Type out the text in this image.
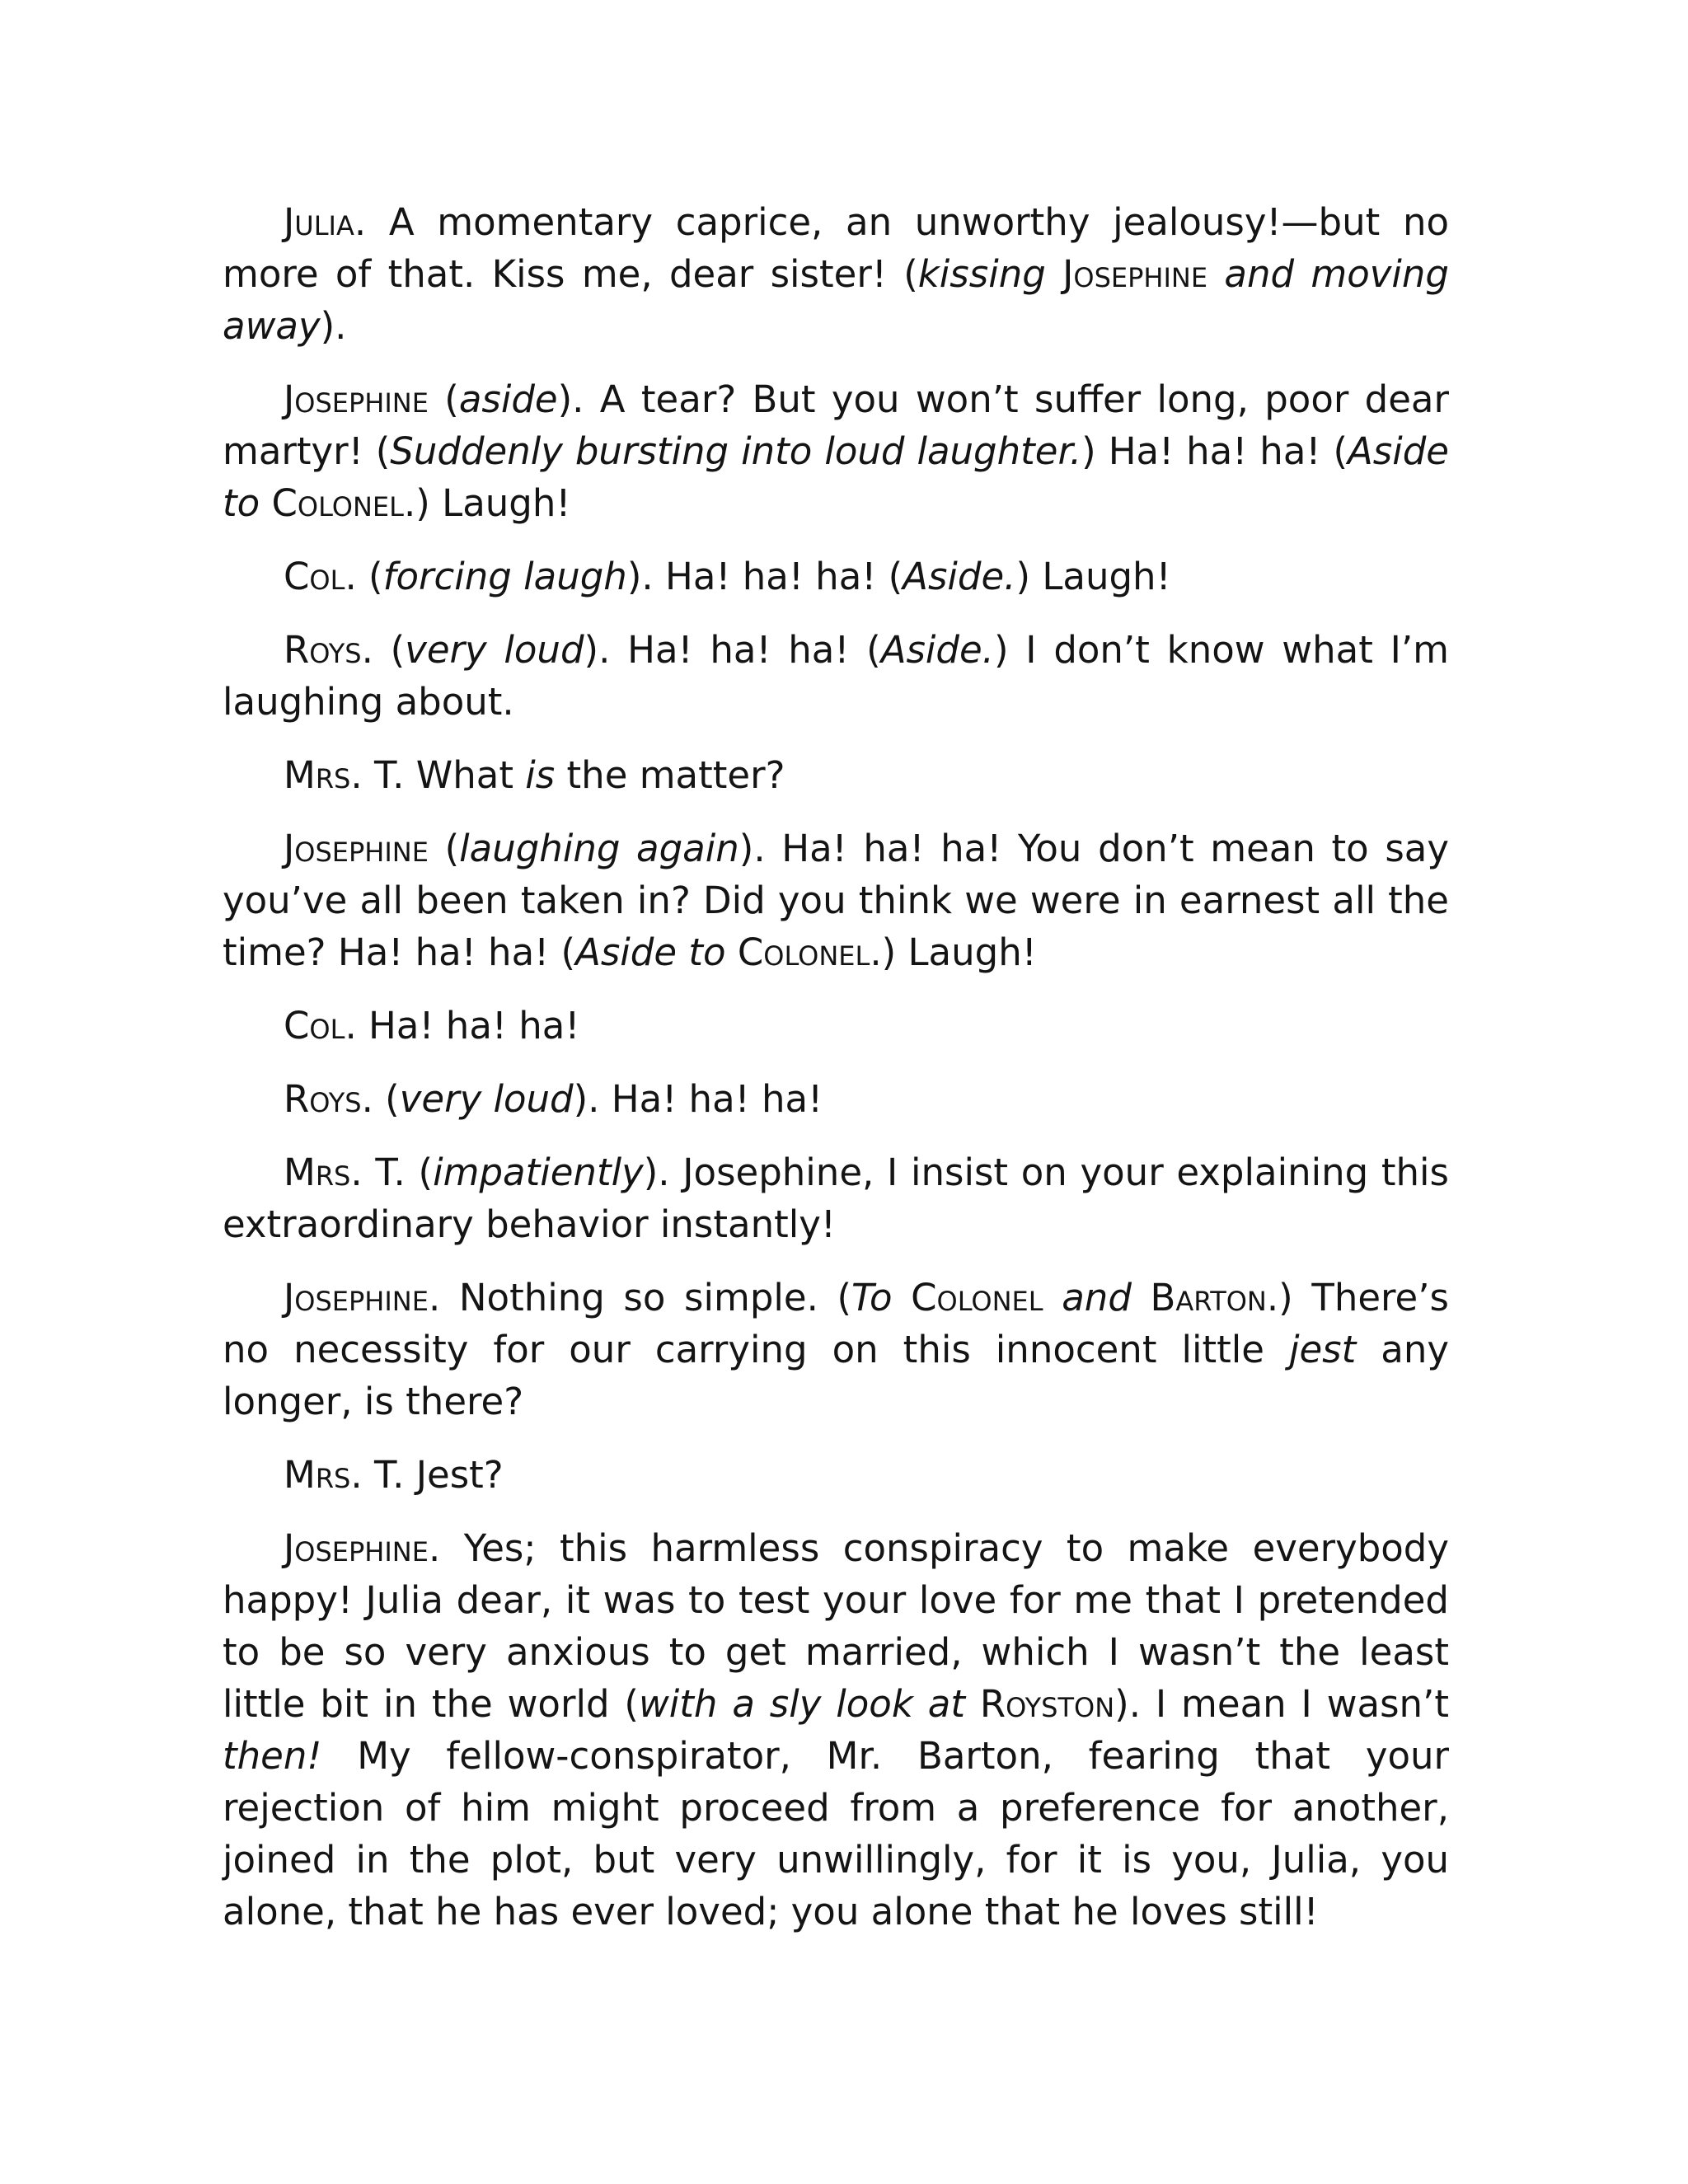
Julia. A momentary caprice, an unworthy jealousy!—but no more of that. Kiss me, dear sister! (kissing Josephine and moving away).

Josephine (aside). A tear? But you won’t suffer long, poor dear martyr! (Suddenly bursting into loud laughter.) Ha! ha! ha! (Aside to Colonel.) Laugh!

Col. (forcing laugh). Ha! ha! ha! (Aside.) Laugh!

Roys. (very loud). Ha! ha! ha! (Aside.) I don’t know what I’m laughing about.

Mrs. T. What is the matter?

Josephine (laughing again). Ha! ha! ha! You don’t mean to say you’ve all been taken in? Did you think we were in earnest all the time? Ha! ha! ha! (Aside to Colonel.) Laugh!

Col. Ha! ha! ha!

Roys. (very loud). Ha! ha! ha!

Mrs. T. (impatiently). Josephine, I insist on your explaining this extraordinary behavior instantly!

Josephine. Nothing so simple. (To Colonel and Barton.) There’s no necessity for our carrying on this innocent little jest any longer, is there?

Mrs. T. Jest?

Josephine. Yes; this harmless conspiracy to make everybody happy! Julia dear, it was to test your love for me that I pretended to be so very anxious to get married, which I wasn’t the least little bit in the world (with a sly look at Royston). I mean I wasn’t then! My fellow-conspirator, Mr. Barton, fearing that your rejection of him might proceed from a preference for another, joined in the plot, but very unwillingly, for it is you, Julia, you alone, that he has ever loved; you alone that he loves still!
